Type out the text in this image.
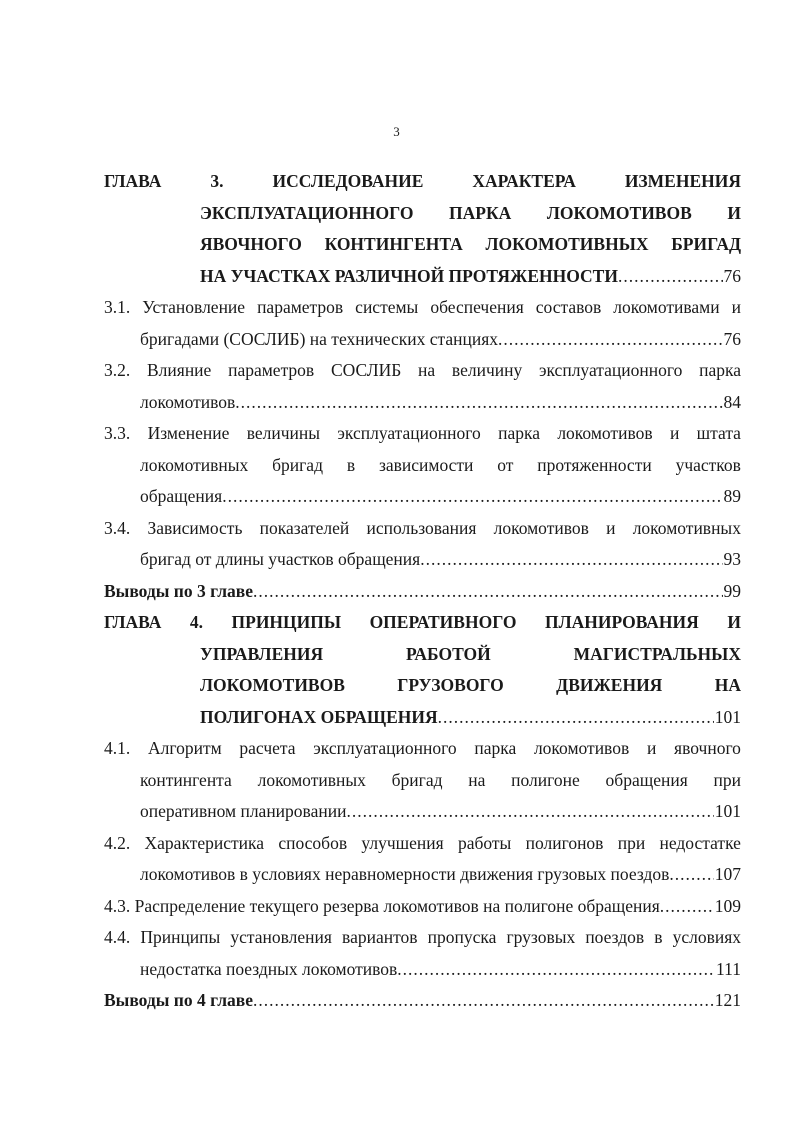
3
ГЛАВА	3.	ИССЛЕДОВАНИЕ	ХАРАКТЕРА	ИЗМЕНЕНИЯ
ЭКСПЛУАТАЦИОННОГО ПАРКА ЛОКОМОТИВОВ И
ЯВОЧНОГО КОНТИНГЕНТА ЛОКОМОТИВНЫХ БРИГАД
НА УЧАСТКАХ РАЗЛИЧНОЙ ПРОТЯЖЕННОСТИ .....	76
3.1. Установление параметров системы обеспечения составов локомотивами и
бригадами (СОСЛИБ) на технических станциях .....	76
3.2. Влияние параметров СОСЛИБ на величину эксплуатационного парка
локомотивов .....	84
3.3. Изменение величины эксплуатационного парка локомотивов и штата
локомотивных бригад в зависимости от протяженности участков
обращения .....	89
3.4. Зависимость показателей использования локомотивов и локомотивных
бригад от длины участков обращения .....	93
Выводы по 3 главе .....	99
ГЛАВА 4. ПРИНЦИПЫ ОПЕРАТИВНОГО ПЛАНИРОВАНИЯ И
УПРАВЛЕНИЯ	РАБОТОЙ	МАГИСТРАЛЬНЫХ
ЛОКОМОТИВОВ	ГРУЗОВОГО	ДВИЖЕНИЯ	НА
ПОЛИГОНАХ ОБРАЩЕНИЯ .....	101
4.1. Алгоритм расчета эксплуатационного парка локомотивов и явочного
контингента локомотивных бригад на полигоне обращения при
оперативном планировании .....	101
4.2. Характеристика способов улучшения работы полигонов при недостатке
локомотивов в условиях неравномерности движения грузовых поездов .....	107
4.3. Распределение текущего резерва локомотивов на полигоне обращения .....	109
4.4. Принципы установления вариантов пропуска грузовых поездов в условиях
недостатка поездных локомотивов .....	111
Выводы по 4 главе .....	121
